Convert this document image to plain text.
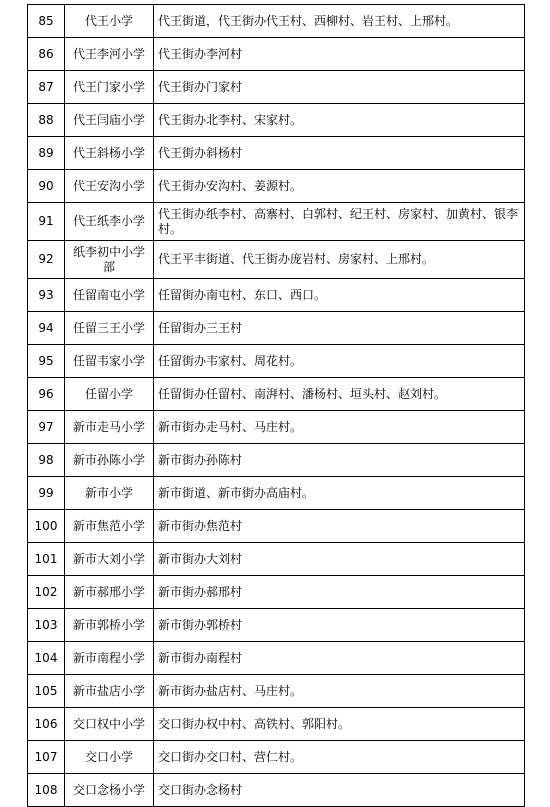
85	代王小学	代王街道，代王街办代王村、西柳村、岩王村、上邢村。
86	代王李河小学	代王街办李河村
87	代王门家小学	代王街办门家村
88	代王闫庙小学	代王街办北李村、宋家村。
89	代王斜杨小学	代王街办斜杨村
90	代王安沟小学	代王街办安沟村、姜源村。
91	代王纸李小学	代王街办纸李村、高寨村、白郭村、纪王村、房家村、加黄村、银李村。
92	纸李初中小学部	代王平丰街道、代王街办庞岩村、房家村、上邢村。
93	任留南屯小学	任留街办南屯村、东口、西口。
94	任留三王小学	任留街办三王村
95	任留韦家小学	任留街办韦家村、周花村。
96	任留小学	任留街办任留村、南湃村、潘杨村、垣头村、赵刘村。
97	新市走马小学	新市街办走马村、马庄村。
98	新市孙陈小学	新市街办孙陈村
99	新市小学	新市街道、新市街办高庙村。
100	新市焦范小学	新市街办焦范村
101	新市大刘小学	新市街办大刘村
102	新市郝邢小学	新市街办郝邢村
103	新市郭桥小学	新市街办郭桥村
104	新市南程小学	新市街办南程村
105	新市盐店小学	新市街办盐店村、马庄村。
106	交口权中小学	交口街办权中村、高铁村、郭阳村。
107	交口小学	交口街办交口村、营仁村。
108	交口念杨小学	交口街办念杨村
